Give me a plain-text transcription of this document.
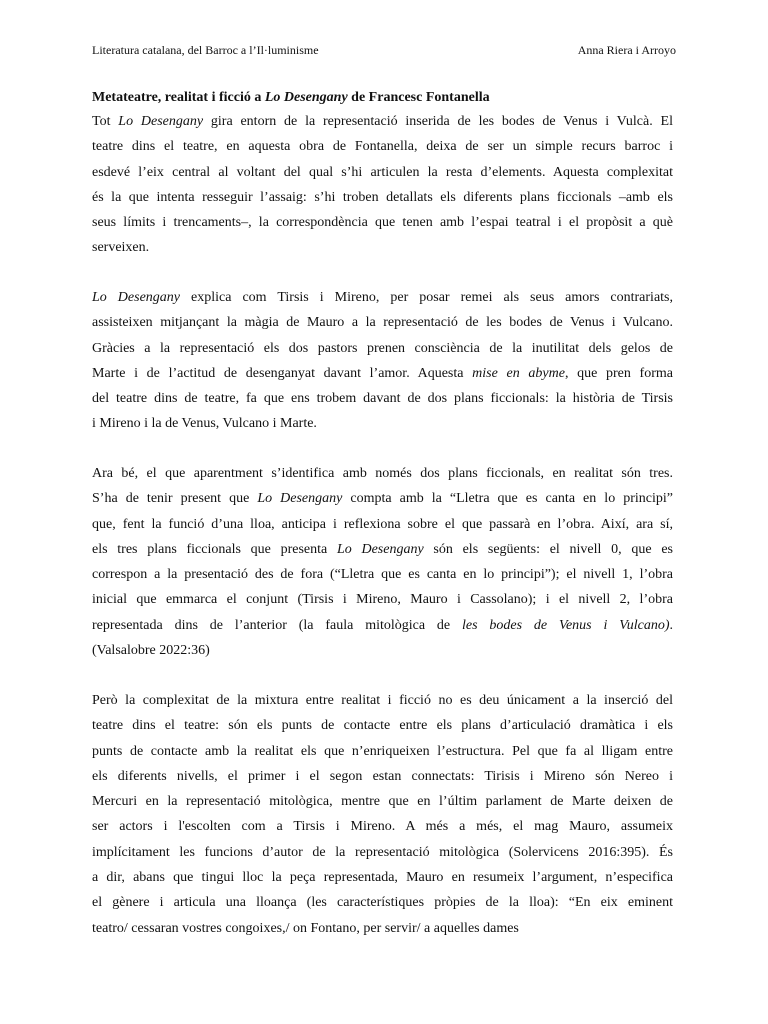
Literatura catalana, del Barroc a l’Il·luminisme	Anna Riera i Arroyo
Metateatre, realitat i ficció a Lo Desengany de Francesc Fontanella
Tot Lo Desengany gira entorn de la representació inserida de les bodes de Venus i Vulcà. El
teatre dins el teatre, en aquesta obra de Fontanella, deixa de ser un simple recurs barroc i
esdevé l’eix central al voltant del qual s’hi articulen la resta d’elements. Aquesta complexitat
és la que intenta resseguir l’assaig: s’hi troben detallats els diferents plans ficcionals –amb els
seus límits i trencaments–, la correspondència que tenen amb l’espai teatral i el propòsit a què
serveixen.
Lo Desengany explica com Tirsis i Mireno, per posar remei als seus amors contrariats,
assisteixen mitjançant la màgia de Mauro a la representació de les bodes de Venus i Vulcano.
Gràcies a la representació els dos pastors prenen consciència de la inutilitat dels gelos de
Marte i de l’actitud de desenganyat davant l’amor. Aquesta mise en abyme, que pren forma
del teatre dins de teatre, fa que ens trobem davant de dos plans ficcionals: la història de Tirsis
i Mireno i la de Venus, Vulcano i Marte.
Ara bé, el que aparentment s’identifica amb només dos plans ficcionals, en realitat són tres.
S’ha de tenir present que Lo Desengany compta amb la “Lletra que es canta en lo principi”
que, fent la funció d’una lloa, anticipa i reflexiona sobre el que passarà en l’obra. Així, ara sí,
els tres plans ficcionals que presenta Lo Desengany són els següents: el nivell 0, que es
correspon a la presentació des de fora (“Lletra que es canta en lo principi”); el nivell 1, l’obra
inicial que emmarca el conjunt (Tirsis i Mireno, Mauro i Cassolano); i el nivell 2, l’obra
representada dins de l’anterior (la faula mitològica de les bodes de Venus i Vulcano).
(Valsalobre 2022:36)
Però la complexitat de la mixtura entre realitat i ficció no es deu únicament a la inserció del
teatre dins el teatre: són els punts de contacte entre els plans d’articulació dramàtica i els
punts de contacte amb la realitat els que n’enriqueixen l’estructura. Pel que fa al lligam entre
els diferents nivells, el primer i el segon estan connectats: Tirisis i Mireno són Nereo i
Mercuri en la representació mitològica, mentre que en l’últim parlament de Marte deixen de
ser actors i l'escolten com a Tirsis i Mireno. A més a més, el mag Mauro, assumeix
implícitament les funcions d’autor de la representació mitològica (Solervicens 2016:395). És
a dir, abans que tingui lloc la peça representada, Mauro en resumeix l’argument, n’especifica
el gènere i articula una lloança (les característiques pròpies de la lloa): “En eix eminent
teatro/ cessaran vostres congoixes,/ on Fontano, per servir/ a aquelles dames
